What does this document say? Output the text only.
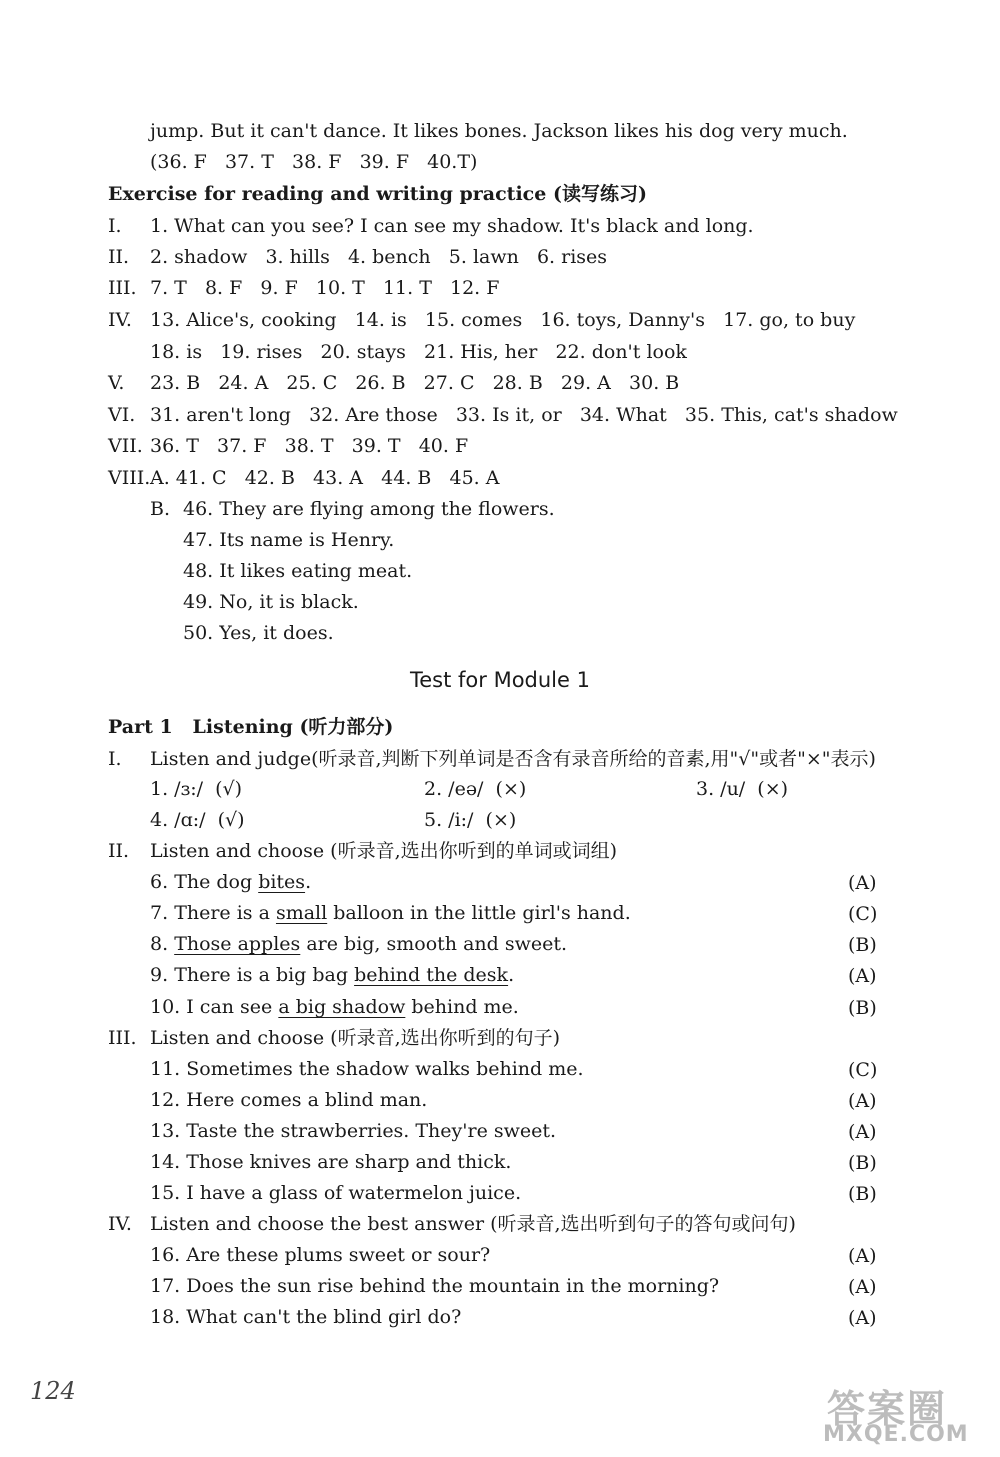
jump. But it can't dance. It likes bones. Jackson likes his dog very much.
(36. F   37. T   38. F   39. F   40.T)
Exercise for reading and writing practice (读写练习)
I. 1. What can you see? I can see my shadow. It's black and long.
II. 2. shadow   3. hills   4. bench   5. lawn   6. rises
III. 7. T   8. F   9. F   10. T   11. T   12. F
IV. 13. Alice's, cooking   14. is   15. comes   16. toys, Danny's   17. go, to buy
18. is   19. rises   20. stays   21. His, her   22. don't look
V. 23. B   24. A   25. C   26. B   27. C   28. B   29. A   30. B
VI. 31. aren't long   32. Are those   33. Is it, or   34. What   35. This, cat's shadow
VII. 36. T   37. F   38. T   39. T   40. F
VIII. A. 41. C   42. B   43. A   44. B   45. A
B. 46. They are flying among the flowers.
47. Its name is Henry.
48. It likes eating meat.
49. No, it is black.
50. Yes, it does.
Test for Module 1
Part 1   Listening (听力部分)
I. Listen and judge(听录音,判断下列单词是否含有录音所给的音素,用"√"或者"×"表示)
1. /ɜ:/  (√)	2. /eə/  (×)	3. /u/  (×)
4. /ɑ:/  (√)	5. /i:/  (×)
II. Listen and choose (听录音,选出你听到的单词或词组)
6. The dog bites.	(A)
7. There is a small balloon in the little girl's hand.	(C)
8. Those apples are big, smooth and sweet.	(B)
9. There is a big bag behind the desk.	(A)
10. I can see a big shadow behind me.	(B)
III. Listen and choose (听录音,选出你听到的句子)
11. Sometimes the shadow walks behind me.	(C)
12. Here comes a blind man.	(A)
13. Taste the strawberries. They're sweet.	(A)
14. Those knives are sharp and thick.	(B)
15. I have a glass of watermelon juice.	(B)
IV. Listen and choose the best answer (听录音,选出听到句子的答句或问句)
16. Are these plums sweet or sour?	(A)
17. Does the sun rise behind the mountain in the morning?	(A)
18. What can't the blind girl do?	(A)
124	答案圈
MXQE.COM
